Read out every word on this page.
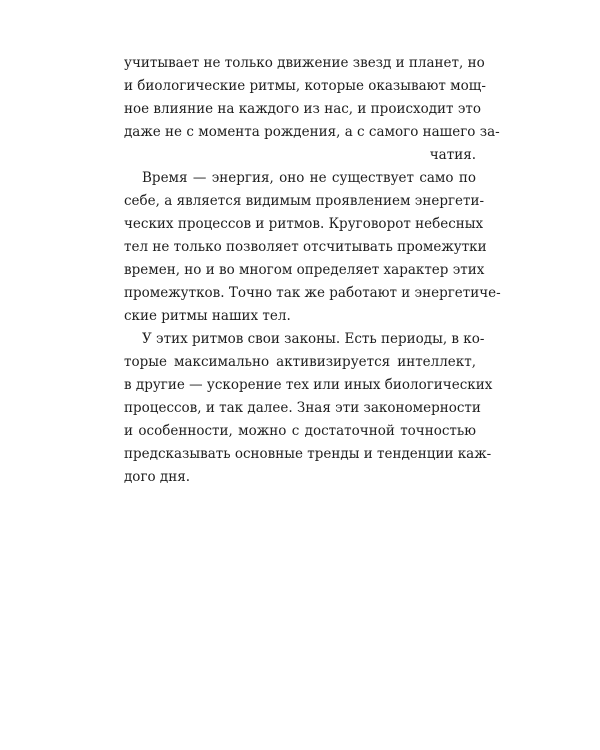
учитывает не только движение звезд и планет, но
и биологические ритмы, которые оказывают мощ-
ное влияние на каждого из нас, и происходит это
даже не с момента рождения, а с самого нашего за-
чатия.
Время — энергия, оно не существует само по
себе, а является видимым проявлением энергети-
ческих процессов и ритмов. Круговорот небесных
тел не только позволяет отсчитывать промежутки
времен, но и во многом определяет характер этих
промежутков. Точно так же работают и энергетиче-
ские ритмы наших тел.
У этих ритмов свои законы. Есть периоды, в ко-
торые максимально активизируется интеллект,
в другие — ускорение тех или иных биологических
процессов, и так далее. Зная эти закономерности
и особенности, можно с достаточной точностью
предсказывать основные тренды и тенденции каж-
дого дня.
